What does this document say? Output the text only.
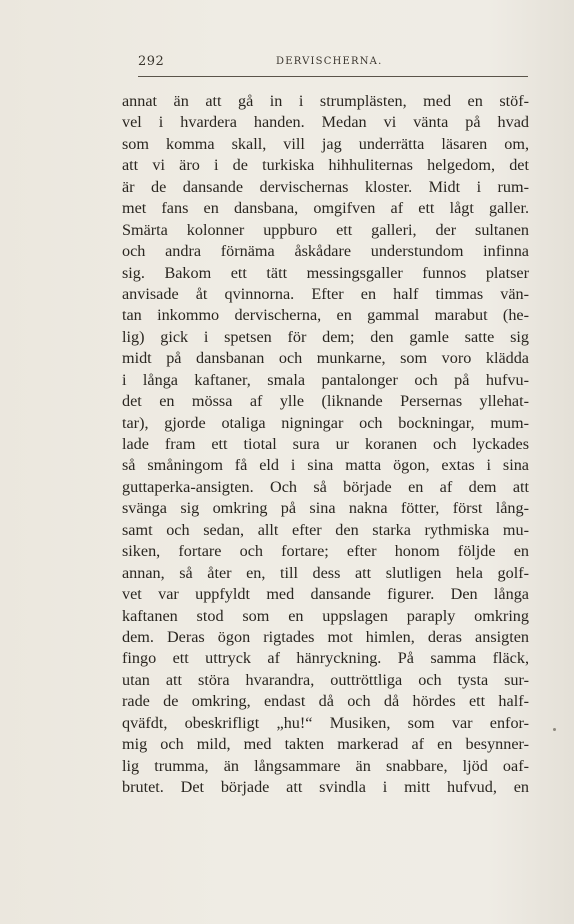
292	DERVISCHERNA.
annat än att gå in i strumplästen, med en stöf-
vel i hvardera handen. Medan vi vänta på hvad
som komma skall, vill jag underrätta läsaren om,
att vi äro i de turkiska hihhuliternas helgedom, det
är de dansande dervischernas kloster. Midt i rum-
met fans en dansbana, omgifven af ett lågt galler.
Smärta kolonner uppburo ett galleri, der sultanen
och andra förnäma åskådare understundom infinna
sig. Bakom ett tätt messingsgaller funnos platser
anvisade åt qvinnorna. Efter en half timmas vän-
tan inkommo dervischerna, en gammal marabut (he-
lig) gick i spetsen för dem; den gamle satte sig
midt på dansbanan och munkarne, som voro klädda
i långa kaftaner, smala pantalonger och på hufvu-
det en mössa af ylle (liknande Persernas yllehat-
tar), gjorde otaliga nigningar och bockningar, mum-
lade fram ett tiotal sura ur koranen och lyckades
så småningom få eld i sina matta ögon, extas i sina
guttaperka-ansigten. Och så började en af dem att
svänga sig omkring på sina nakna fötter, först lång-
samt och sedan, allt efter den starka rythmiska mu-
siken, fortare och fortare; efter honom följde en
annan, så åter en, till dess att slutligen hela golf-
vet var uppfyldt med dansande figurer. Den långa
kaftanen stod som en uppslagen paraply omkring
dem. Deras ögon rigtades mot himlen, deras ansigten
fingo ett uttryck af hänryckning. På samma fläck,
utan att störa hvarandra, outtröttliga och tysta sur-
rade de omkring, endast då och då hördes ett half-
qväfdt, obeskrifligt „hu!“ Musiken, som var enfor-
mig och mild, med takten markerad af en besynner-
lig trumma, än långsammare än snabbare, ljöd oaf-
brutet. Det började att svindla i mitt hufvud, en
